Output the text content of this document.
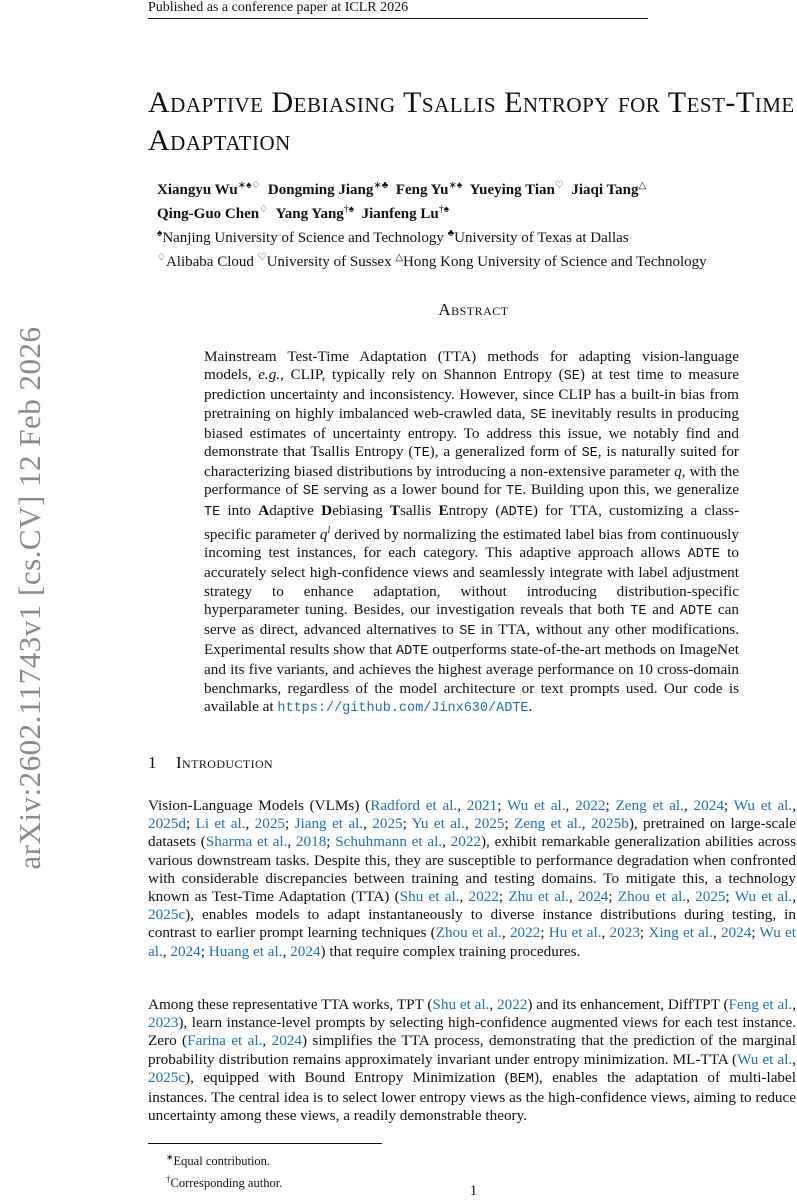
Published as a conference paper at ICLR 2026
arXiv:2602.11743v1 [cs.CV] 12 Feb 2026
Adaptive Debiasing Tsallis Entropy for Test-Time Adaptation
Xiangyu Wu∗♠♢ Dongming Jiang∗♣ Feng Yu∗♠ Yueying Tian♡ Jiaqi Tang△
Qing-Guo Chen♢ Yang Yang†♠ Jianfeng Lu†♠
♠Nanjing University of Science and Technology ♣University of Texas at Dallas
♢Alibaba Cloud ♡University of Sussex △Hong Kong University of Science and Technology
Abstract
Mainstream Test-Time Adaptation (TTA) methods for adapting vision-language models, e.g., CLIP, typically rely on Shannon Entropy (SE) at test time to measure prediction uncertainty and inconsistency. However, since CLIP has a built-in bias from pretraining on highly imbalanced web-crawled data, SE inevitably results in producing biased estimates of uncertainty entropy. To address this issue, we notably find and demonstrate that Tsallis Entropy (TE), a generalized form of SE, is naturally suited for characterizing biased distributions by introducing a non-extensive parameter q, with the performance of SE serving as a lower bound for TE. Building upon this, we generalize TE into Adaptive Debiasing Tsallis Entropy (ADTE) for TTA, customizing a class-specific parameter $q^l$ derived by normalizing the estimated label bias from continuously incoming test instances, for each category. This adaptive approach allows ADTE to accurately select high-confidence views and seamlessly integrate with label adjustment strategy to enhance adaptation, without introducing distribution-specific hyperparameter tuning. Besides, our investigation reveals that both TE and ADTE can serve as direct, advanced alternatives to SE in TTA, without any other modifications. Experimental results show that ADTE outperforms state-of-the-art methods on ImageNet and its five variants, and achieves the highest average performance on 10 cross-domain benchmarks, regardless of the model architecture or text prompts used. Our code is available at https://github.com/Jinx630/ADTE.
1 Introduction
Vision-Language Models (VLMs) (Radford et al., 2021; Wu et al., 2022; Zeng et al., 2024; Wu et al., 2025d; Li et al., 2025; Jiang et al., 2025; Yu et al., 2025; Zeng et al., 2025b), pretrained on large-scale datasets (Sharma et al., 2018; Schuhmann et al., 2022), exhibit remarkable generalization abilities across various downstream tasks. Despite this, they are susceptible to performance degradation when confronted with considerable discrepancies between training and testing domains. To mitigate this, a technology known as Test-Time Adaptation (TTA) (Shu et al., 2022; Zhu et al., 2024; Zhou et al., 2025; Wu et al., 2025c), enables models to adapt instantaneously to diverse instance distributions during testing, in contrast to earlier prompt learning techniques (Zhou et al., 2022; Hu et al., 2023; Xing et al., 2024; Wu et al., 2024; Huang et al., 2024) that require complex training procedures.
Among these representative TTA works, TPT (Shu et al., 2022) and its enhancement, DiffTPT (Feng et al., 2023), learn instance-level prompts by selecting high-confidence augmented views for each test instance. Zero (Farina et al., 2024) simplifies the TTA process, demonstrating that the prediction of the marginal probability distribution remains approximately invariant under entropy minimization. ML-TTA (Wu et al., 2025c), equipped with Bound Entropy Minimization (BEM), enables the adaptation of multi-label instances. The central idea is to select lower entropy views as the high-confidence views, aiming to reduce uncertainty among these views, a readily demonstrable theory.
∗Equal contribution.
†Corresponding author.	1
